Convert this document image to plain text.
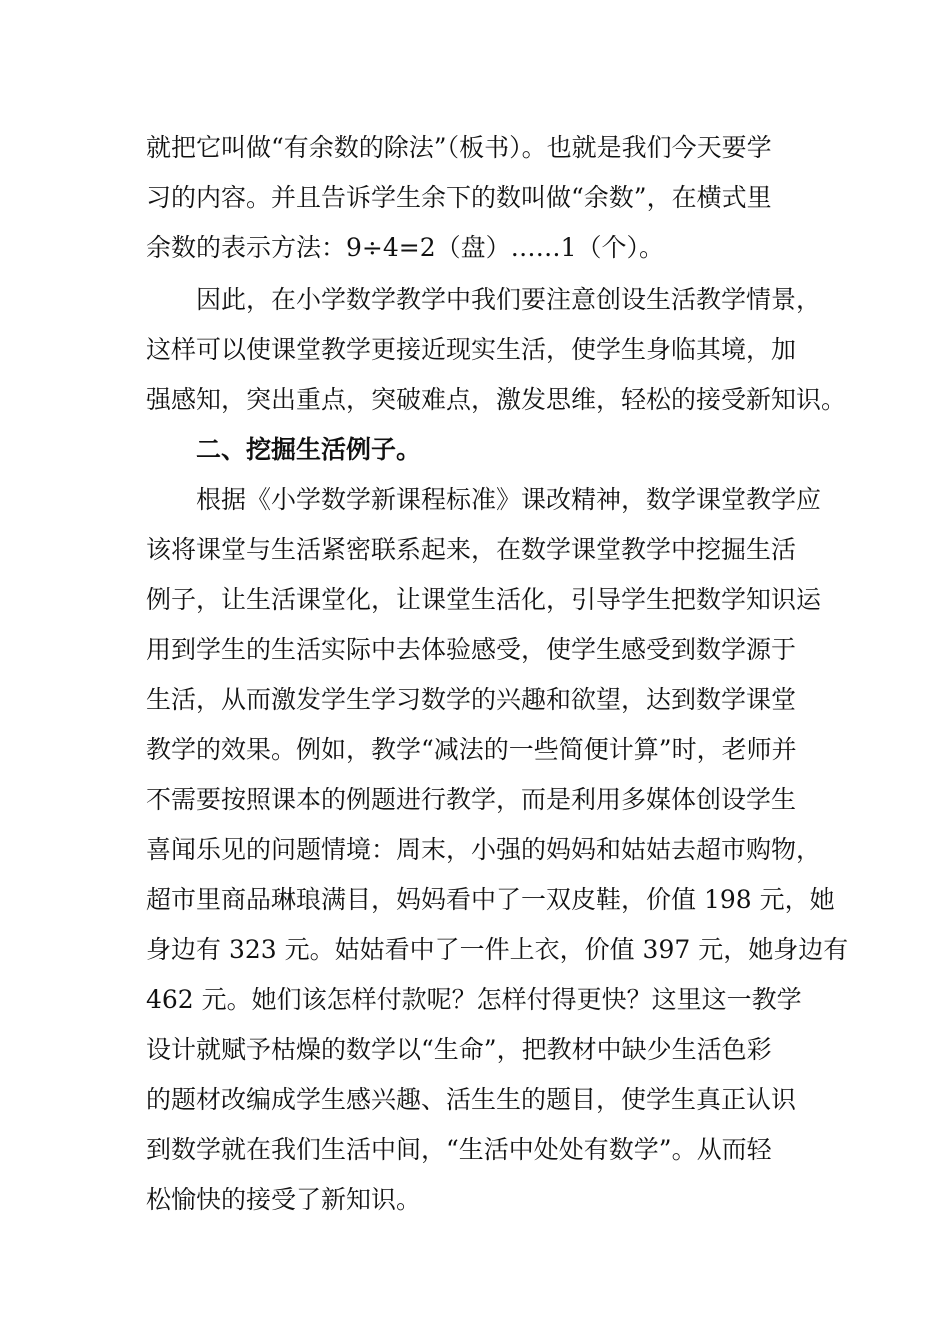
就把它叫做“有余数的除法”（板书）。也就是我们今天要学
习的内容。并且告诉学生余下的数叫做“余数”，在横式里
余数的表示方法：9÷4=2（盘）……1（个）。
因此，在小学数学教学中我们要注意创设生活教学情景，
这样可以使课堂教学更接近现实生活，使学生身临其境，加
强感知，突出重点，突破难点，激发思维，轻松的接受新知识。
二、挖掘生活例子。
根据《小学数学新课程标准》课改精神，数学课堂教学应
该将课堂与生活紧密联系起来，在数学课堂教学中挖掘生活
例子，让生活课堂化，让课堂生活化，引导学生把数学知识运
用到学生的生活实际中去体验感受，使学生感受到数学源于
生活，从而激发学生学习数学的兴趣和欲望，达到数学课堂
教学的效果。例如，教学“减法的一些简便计算”时，老师并
不需要按照课本的例题进行教学，而是利用多媒体创设学生
喜闻乐见的问题情境：周末，小强的妈妈和姑姑去超市购物，
超市里商品琳琅满目，妈妈看中了一双皮鞋，价值 198 元，她
身边有 323 元。姑姑看中了一件上衣，价值 397 元，她身边有
462 元。她们该怎样付款呢？怎样付得更快？这里这一教学
设计就赋予枯燥的数学以“生命”，把教材中缺少生活色彩
的题材改编成学生感兴趣、活生生的题目，使学生真正认识
到数学就在我们生活中间，“生活中处处有数学”。从而轻
松愉快的接受了新知识。
